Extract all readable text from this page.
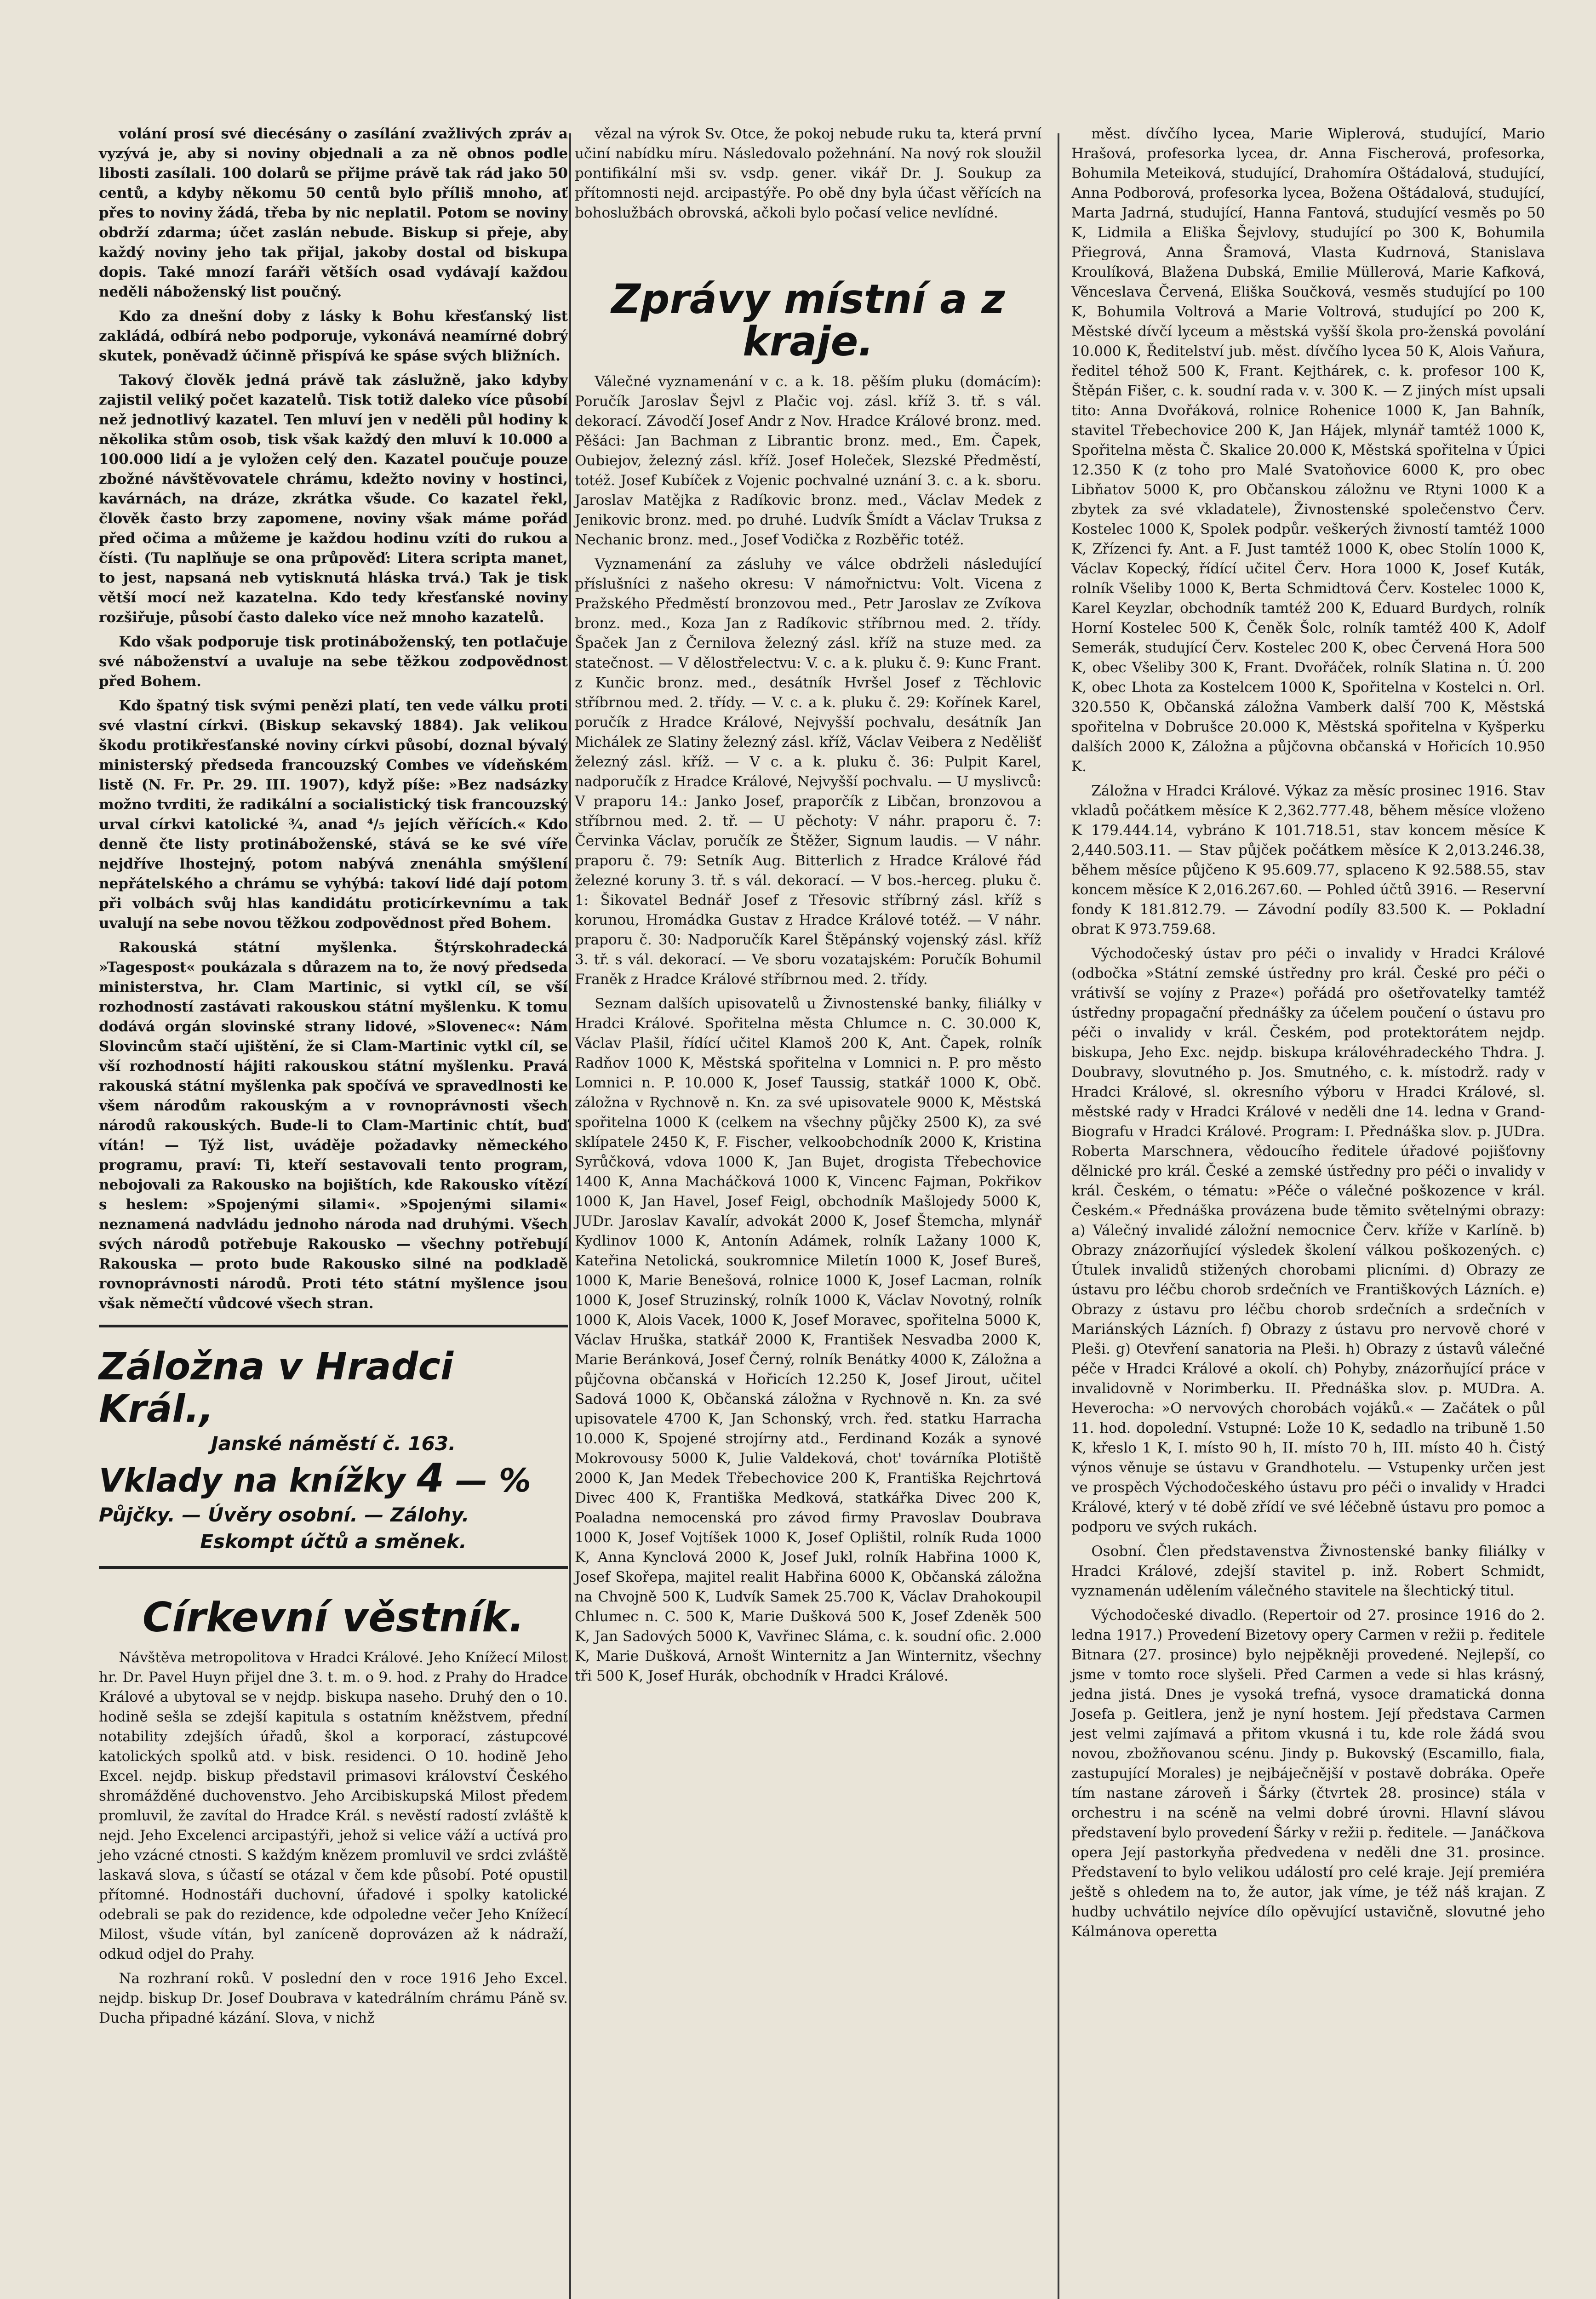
volání prosí své diecésány o zasílání zvažlivých zpráv a vyzývá je, aby si noviny objednali a za ně obnos podle libosti zasílali. 100 dolarů se přijme právě tak rád jako 50 centů, a kdyby někomu 50 centů bylo příliš mnoho, ať přes to noviny žádá, třeba by nic neplatil. Potom se noviny obdrží zdarma; účet zaslán nebude. Biskup si přeje, aby každý noviny jeho tak přijal, jakoby dostal od biskupa dopis. Také mnozí faráři větších osad vydávají každou neděli náboženský list poučný.

Kdo za dnešní doby z lásky k Bohu křesťanský list zakládá, odbírá nebo podporuje, vykonává neamírné dobrý skutek, poněvadž účinně přispívá ke spáse svých bližních.

Takový člověk jedná právě tak záslužně, jako kdyby zajistil veliký počet kazatelů. Tisk totiž daleko více působí než jednotlivý kazatel. Ten mluví jen v neděli půl hodiny k několika stům osob, tisk však každý den mluví k 10.000 a 100.000 lidí a je vyložen celý den. Kazatel poučuje pouze zbožné návštěvovatele chrámu, kdežto noviny v hostinci, kavárnách, na dráze, zkrátka všude. Co kazatel řekl, člověk často brzy zapomene, noviny však máme pořád před očima a můžeme je každou hodinu vzíti do rukou a čísti. (Tu naplňuje se ona průpověď: Litera scripta manet, to jest, napsaná neb vytisknutá hláska trvá.) Tak je tisk větší mocí než kazatelna. Kdo tedy křesťanské noviny rozšiřuje, působí často daleko více než mnoho kazatelů.

Kdo však podporuje tisk protináboženský, ten potlačuje své náboženství a uvaluje na sebe těžkou zodpovědnost před Bohem.

Kdo špatný tisk svými penězi platí, ten vede válku proti své vlastní církvi. (Biskup sekavský 1884). Jak velikou škodu protikřesťanské noviny církvi působí, doznal bývalý ministerský předseda francouzský Combes ve vídeňském listě (N. Fr. Pr. 29. III. 1907), když píše: »Bez nadsázky možno tvrditi, že radikální a socialistický tisk francouzský urval církvi katolické ¾, anad ⁴/₅ jejích věřících.« Kdo denně čte listy protináboženské, stává se ke své víře nejdříve lhostejný, potom nabývá znenáhla smýšlení nepřátelského a chrámu se vyhýbá: takoví lidé dají potom při volbách svůj hlas kandidátu proticírkevnímu a tak uvalují na sebe novou těžkou zodpovědnost před Bohem.

Rakouská státní myšlenka. Štýrskohradecká »Tagespost« poukázala s důrazem na to, že nový předseda ministerstva, hr. Clam Martinic, si vytkl cíl, se vší rozhodností zastávati rakouskou státní myšlenku. K tomu dodává orgán slovinské strany lidové, »Slovenec«: Nám Slovincům stačí ujištění, že si Clam-Martinic vytkl cíl, se vší rozhodností hájiti rakouskou státní myšlenku. Pravá rakouská státní myšlenka pak spočívá ve spravedlnosti ke všem národům rakouským a v rovnoprávnosti všech národů rakouských. Bude-li to Clam-Martinic chtít, buď vítán! — Týž list, uváděje požadavky německého programu, praví: Ti, kteří sestavovali tento program, nebojovali za Rakousko na bojištích, kde Rakousko vítězí s heslem: »Spojenými silami«. »Spojenými silami« neznamená nadvládu jednoho národa nad druhými. Všech svých národů potřebuje Rakousko — všechny potřebují Rakouska — proto bude Rakousko silné na podkladě rovnoprávnosti národů. Proti této státní myšlence jsou však němečtí vůdcové všech stran.

Záložna v Hradci Král.,
Janské náměstí č. 163.
Vklady na knížky 4 — %
Půjčky. — Úvěry osobní. — Zálohy.
Eskompt účtů a směnek.
Církevní věstník.

Návštěva metropolitova v Hradci Králové. Jeho Knížecí Milost hr. Dr. Pavel Huyn přijel dne 3. t. m. o 9. hod. z Prahy do Hradce Králové a ubytoval se v nejdp. biskupa naseho. Druhý den o 10. hodině sešla se zdejší kapitula s ostatním kněžstvem, přední notability zdejších úřadů, škol a korporací, zástupcové katolických spolků atd. v bisk. residenci. O 10. hodině Jeho Excel. nejdp. biskup představil primasovi království Českého shromážděné duchovenstvo. Jeho Arcibiskupská Milost předem promluvil, že zavítal do Hradce Král. s nevěstí radostí zvláště k nejd. Jeho Excelenci arcipastýři, jehož si velice váží a uctívá pro jeho vzácné ctnosti. S každým knězem promluvil ve srdci zvláště laskavá slova, s účastí se otázal v čem kde působí. Poté opustil přítomné. Hodnostáři duchovní, úřadové i spolky katolické odebrali se pak do rezidence, kde odpoledne večer Jeho Knížecí Milost, všude vítán, byl zaníceně doprovázen až k nádraží, odkud odjel do Prahy.

Na rozhraní roků. V poslední den v roce 1916 Jeho Excel. nejdp. biskup Dr. Josef Doubrava v katedrálním chrámu Páně sv. Ducha připadné kázání. Slova, v nichž

vězal na výrok Sv. Otce, že pokoj nebude ruku ta, která první učiní nabídku míru. Následovalo požehnání. Na nový rok sloužil pontifikální mši sv. vsdp. gener. vikář Dr. J. Soukup za přítomnosti nejd. arcipastýře. Po obě dny byla účast věřících na bohoslužbách obrovská, ačkoli bylo počasí velice nevlídné.

Zprávy místní a z kraje.

Válečné vyznamenání v c. a k. 18. pěším pluku (domácím): Poručík Jaroslav Šejvl z Plačic voj. zásl. kříž 3. tř. s vál. dekorací. Závodčí Josef Andr z Nov. Hradce Králové bronz. med. Pěšáci: Jan Bachman z Librantic bronz. med., Em. Čapek, Oubiejov, železný zásl. kříž. Josef Holeček, Slezské Předměstí, totéž. Josef Kubíček z Vojenic pochvalné uznání 3. c. a k. sboru. Jaroslav Matějka z Radíkovic bronz. med., Václav Medek z Jenikovic bronz. med. po druhé. Ludvík Šmídt a Václav Truksa z Nechanic bronz. med., Josef Vodička z Rozběřic totéž.

Vyznamenání za zásluhy ve válce obdrželi následující příslušníci z našeho okresu: V námořnictvu: Volt. Vicena z Pražského Předměstí bronzovou med., Petr Jaroslav ze Zvíkova bronz. med., Koza Jan z Radíkovic stříbrnou med. 2. třídy. Špaček Jan z Černilova železný zásl. kříž na stuze med. za statečnost. — V dělostřelectvu: V. c. a k. pluku č. 9: Kunc Frant. z Kunčic bronz. med., desátník Hvršel Josef z Těchlovic stříbrnou med. 2. třídy. — V. c. a k. pluku č. 29: Kořínek Karel, poručík z Hradce Králové, Nejvyšší pochvalu, desátník Jan Michálek ze Slatiny železný zásl. kříž, Václav Veibera z Nedělišť železný zásl. kříž. — V c. a k. pluku č. 36: Pulpit Karel, nadporučík z Hradce Králové, Nejvyšší pochvalu. — U myslivců: V praporu 14.: Janko Josef, praporčík z Libčan, bronzovou a stříbrnou med. 2. tř. — U pěchoty: V náhr. praporu č. 7: Červinka Václav, poručík ze Štěžer, Signum laudis. — V náhr. praporu č. 79: Setník Aug. Bitterlich z Hradce Králové řád železné koruny 3. tř. s vál. dekorací. — V bos.-herceg. pluku č. 1: Šikovatel Bednář Josef z Třesovic stříbrný zásl. kříž s korunou, Hromádka Gustav z Hradce Králové totéž. — V náhr. praporu č. 30: Nadporučík Karel Štěpánský vojenský zásl. kříž 3. tř. s vál. dekorací. — Ve sboru vozatajském: Poručík Bohumil Franěk z Hradce Králové stříbrnou med. 2. třídy.

Seznam dalších upisovatelů u Živnostenské banky, filiálky v Hradci Králové. Spořitelna města Chlumce n. C. 30.000 K, Václav Plašil, řídící učitel Klamoš 200 K, Ant. Čapek, rolník Radňov 1000 K, Městská spořitelna v Lomnici n. P. pro město Lomnici n. P. 10.000 K, Josef Taussig, statkář 1000 K, Obč. záložna v Rychnově n. Kn. za své upisovatele 9000 K, Městská spořitelna 1000 K (celkem na všechny půjčky 2500 K), za své sklípatele 2450 K, F. Fischer, velkoobchodník 2000 K, Kristina Syrůčková, vdova 1000 K, Jan Bujet, drogista Třebechovice 1400 K, Anna Macháčková 1000 K, Vincenc Fajman, Pokřikov 1000 K, Jan Havel, Josef Feigl, obchodník Mašlojedy 5000 K, JUDr. Jaroslav Kavalír, advokát 2000 K, Josef Štemcha, mlynář Kydlinov 1000 K, Antonín Adámek, rolník Lažany 1000 K, Kateřina Netolická, soukromnice Miletín 1000 K, Josef Bureš, 1000 K, Marie Benešová, rolnice 1000 K, Josef Lacman, rolník 1000 K, Josef Struzinský, rolník 1000 K, Václav Novotný, rolník 1000 K, Alois Vacek, 1000 K, Josef Moravec, spořitelna 5000 K, Václav Hruška, statkář 2000 K, František Nesvadba 2000 K, Marie Beránková, Josef Černý, rolník Benátky 4000 K, Záložna a půjčovna občanská v Hořicích 12.250 K, Josef Jirout, učitel Sadová 1000 K, Občanská záložna v Rychnově n. Kn. za své upisovatele 4700 K, Jan Schonský, vrch. řed. statku Harracha 10.000 K, Spojené strojírny atd., Ferdinand Kozák a synové Mokrovousy 5000 K, Julie Valdeková, chot' továrníka Plotiště 2000 K, Jan Medek Třebechovice 200 K, Františka Rejchrtová Divec 400 K, Františka Medková, statkářka Divec 200 K, Poaladna nemocenská pro závod firmy Pravoslav Doubrava 1000 K, Josef Vojtíšek 1000 K, Josef Oplištil, rolník Ruda 1000 K, Anna Kynclová 2000 K, Josef Jukl, rolník Habřina 1000 K, Josef Skořepa, majitel realit Habřina 6000 K, Občanská záložna na Chvojně 500 K, Ludvík Samek 25.700 K, Václav Drahokoupil Chlumec n. C. 500 K, Marie Dušková 500 K, Josef Zdeněk 500 K, Jan Sadových 5000 K, Vavřinec Sláma, c. k. soudní ofic. 2.000 K, Marie Dušková, Arnošt Winternitz a Jan Winternitz, všechny tři 500 K, Josef Hurák, obchodník v Hradci Králové.

měst. dívčího lycea, Marie Wiplerová, studující, Mario Hrašová, profesorka lycea, dr. Anna Fischerová, profesorka, Bohumila Meteiková, studující, Drahomíra Oštádalová, studující, Anna Podborová, profesorka lycea, Božena Oštádalová, studující, Marta Jadrná, studující, Hanna Fantová, studující vesměs po 50 K, Lidmila a Eliška Šejvlovy, studující po 300 K, Bohumila Přiegrová, Anna Šramová, Vlasta Kudrnová, Stanislava Kroulíková, Blažena Dubská, Emilie Müllerová, Marie Kafková, Věnceslava Červená, Eliška Součková, vesměs studující po 100 K, Bohumila Voltrová a Marie Voltrová, studující po 200 K, Městské dívčí lyceum a městská vyšší škola pro-ženská povolání 10.000 K, Ředitelství jub. měst. dívčího lycea 50 K, Alois Vaňura, ředitel téhož 500 K, Frant. Kejthárek, c. k. profesor 100 K, Štěpán Fišer, c. k. soudní rada v. v. 300 K. — Z jiných míst upsali tito: Anna Dvořáková, rolnice Rohenice 1000 K, Jan Bahník, stavitel Třebechovice 200 K, Jan Hájek, mlynář tamtéž 1000 K, Spořitelna města Č. Skalice 20.000 K, Městská spořitelna v Úpici 12.350 K (z toho pro Malé Svatoňovice 6000 K, pro obec Libňatov 5000 K, pro Občanskou záložnu ve Rtyni 1000 K a zbytek za své vkladatele), Živnostenské společenstvo Červ. Kostelec 1000 K, Spolek podpůr. veškerých živností tamtéž 1000 K, Zřízenci fy. Ant. a F. Just tamtéž 1000 K, obec Stolín 1000 K, Václav Kopecký, řídící učitel Červ. Hora 1000 K, Josef Kuták, rolník Všeliby 1000 K, Berta Schmidtová Červ. Kostelec 1000 K, Karel Keyzlar, obchodník tamtéž 200 K, Eduard Burdych, rolník Horní Kostelec 500 K, Čeněk Šolc, rolník tamtéž 400 K, Adolf Semerák, studující Červ. Kostelec 200 K, obec Červená Hora 500 K, obec Všeliby 300 K, Frant. Dvořáček, rolník Slatina n. Ú. 200 K, obec Lhota za Kostelcem 1000 K, Spořitelna v Kostelci n. Orl. 320.550 K, Občanská záložna Vamberk další 700 K, Městská spořitelna v Dobrušce 20.000 K, Městská spořitelna v Kyšperku dalších 2000 K, Záložna a půjčovna občanská v Hořicích 10.950 K.

Záložna v Hradci Králové. Výkaz za měsíc prosinec 1916. Stav vkladů počátkem měsíce K 2,362.777.48, během měsíce vloženo K 179.444.14, vybráno K 101.718.51, stav koncem měsíce K 2,440.503.11. — Stav půjček počátkem měsíce K 2,013.246.38, během měsíce půjčeno K 95.609.77, splaceno K 92.588.55, stav koncem měsíce K 2,016.267.60. — Pohled účtů 3916. — Reservní fondy K 181.812.79. — Závodní podíly 83.500 K. — Pokladní obrat K 973.759.68.

Východočeský ústav pro péči o invalidy v Hradci Králové (odbočka »Státní zemské ústředny pro král. České pro péči o vrátivší se vojíny z Praze«) pořádá pro ošetřovatelky tamtéž ústředny propagační přednášky za účelem poučení o ústavu pro péči o invalidy v král. Českém, pod protektorátem nejdp. biskupa, Jeho Exc. nejdp. biskupa královéhradeckého Thdra. J. Doubravy, slovutného p. Jos. Smutného, c. k. místodrž. rady v Hradci Králové, sl. okresního výboru v Hradci Králové, sl. městské rady v Hradci Králové v neděli dne 14. ledna v Grand-Biografu v Hradci Králové. Program: I. Přednáška slov. p. JUDra. Roberta Marschnera, vědoucího ředitele úřadové pojišťovny dělnické pro král. České a zemské ústředny pro péči o invalidy v král. Českém, o tématu: »Péče o válečné poškozence v král. Českém.« Přednáška provázena bude těmito světelnými obrazy: a) Válečný invalidé záložní nemocnice Červ. kříže v Karlíně. b) Obrazy znázorňující výsledek školení válkou poškozených. c) Útulek invalidů stižených chorobami plicními. d) Obrazy ze ústavu pro léčbu chorob srdečních ve Františkových Lázních. e) Obrazy z ústavu pro léčbu chorob srdečních a srdečních v Mariánských Lázních. f) Obrazy z ústavu pro nervově choré v Pleši. g) Otevření sanatoria na Pleši. h) Obrazy z ústavů válečné péče v Hradci Králové a okolí. ch) Pohyby, znázorňující práce v invalidovně v Norimberku. II. Přednáška slov. p. MUDra. A. Heverocha: »O nervových chorobách vojáků.« — Začátek o půl 11. hod. dopolední. Vstupné: Lože 10 K, sedadlo na tribuně 1.50 K, křeslo 1 K, I. místo 90 h, II. místo 70 h, III. místo 40 h. Čistý výnos věnuje se ústavu v Grandhotelu. — Vstupenky určen jest ve prospěch Východočeského ústavu pro péči o invalidy v Hradci Králové, který v té době zřídí ve své léčebně ústavu pro pomoc a podporu ve svých rukách.

Osobní. Člen představenstva Živnostenské banky filiálky v Hradci Králové, zdejší stavitel p. inž. Robert Schmidt, vyznamenán udělením válečného stavitele na šlechtický titul.

Východočeské divadlo. (Repertoir od 27. prosince 1916 do 2. ledna 1917.) Provedení Bizetovy opery Carmen v režii p. ředitele Bitnara (27. prosince) bylo nejpěkněji provedené. Nejlepší, co jsme v tomto roce slyšeli. Před Carmen a vede si hlas krásný, jedna jistá. Dnes je vysoká trefná, vysoce dramatická donna Josefa p. Geitlera, jenž je nyní hostem. Její představa Carmen jest velmi zajímavá a přitom vkusná i tu, kde role žádá svou novou, zbožňovanou scénu. Jindy p. Bukovský (Escamillo, fiala, zastupující Morales) je nejbáječnější v postavě dobráka. Opeře tím nastane zároveň i Šárky (čtvrtek 28. prosince) stála v orchestru i na scéně na velmi dobré úrovni. Hlavní slávou představení bylo provedení Šárky v režii p. ředitele. — Janáčkova opera Její pastorkyňa předvedena v neděli dne 31. prosince. Představení to bylo velikou událostí pro celé kraje. Její premiéra ještě s ohledem na to, že autor, jak víme, je též náš krajan. Z hudby uchvátilo nejvíce dílo opěvující ustavičně, slovutné jeho Kálmánova operetta
